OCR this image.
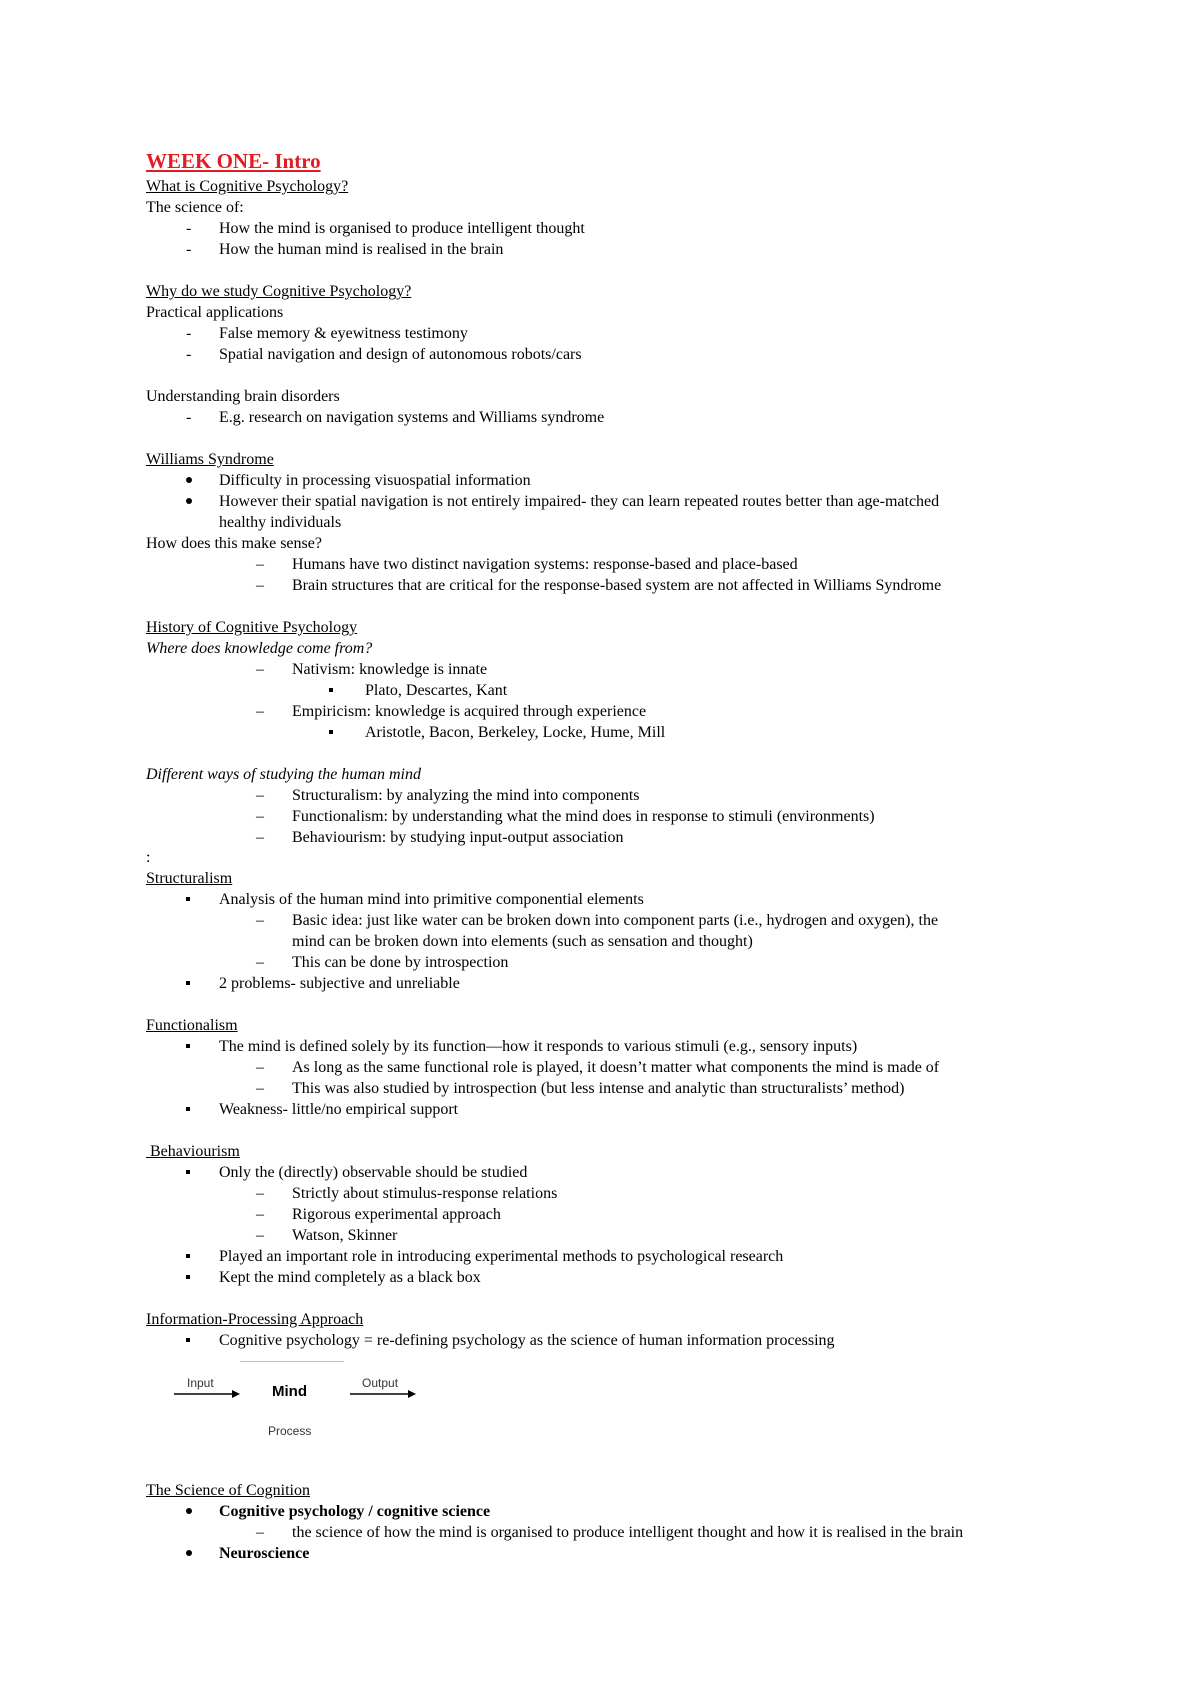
WEEK ONE- Intro
What is Cognitive Psychology?
The science of:
-	How the mind is organised to produce intelligent thought
-	How the human mind is realised in the brain
Why do we study Cognitive Psychology?
Practical applications
-	False memory & eyewitness testimony
-	Spatial navigation and design of autonomous robots/cars
Understanding brain disorders
-	E.g. research on navigation systems and Williams syndrome
Williams Syndrome
Difficulty in processing visuospatial information
However their spatial navigation is not entirely impaired- they can learn repeated routes better than age-matched
healthy individuals
How does this make sense?
–	Humans have two distinct navigation systems: response-based and place-based
–	Brain structures that are critical for the response-based system are not affected in Williams Syndrome
History of Cognitive Psychology
Where does knowledge come from?
–	Nativism: knowledge is innate
Plato, Descartes, Kant
–	Empiricism: knowledge is acquired through experience
Aristotle, Bacon, Berkeley, Locke, Hume, Mill
Different ways of studying the human mind
–	Structuralism: by analyzing the mind into components
–	Functionalism: by understanding what the mind does in response to stimuli (environments)
–	Behaviourism: by studying input-output association
:
Structuralism
Analysis of the human mind into primitive componential elements
–	Basic idea: just like water can be broken down into component parts (i.e., hydrogen and oxygen), the
mind can be broken down into elements (such as sensation and thought)
–	This can be done by introspection
2 problems- subjective and unreliable
Functionalism
The mind is defined solely by its function—how it responds to various stimuli (e.g., sensory inputs)
–	As long as the same functional role is played, it doesn’t matter what components the mind is made of
–	This was also studied by introspection (but less intense and analytic than structuralists’ method)
Weakness- little/no empirical support
Behaviourism
Only the (directly) observable should be studied
–	Strictly about stimulus-response relations
–	Rigorous experimental approach
–	Watson, Skinner
Played an important role in introducing experimental methods to psychological research
Kept the mind completely as a black box
Information-Processing Approach
Cognitive psychology = re-defining psychology as the science of human information processing
Input	Mind	Output
Process
The Science of Cognition
Cognitive psychology / cognitive science
–	the science of how the mind is organised to produce intelligent thought and how it is realised in the brain
Neuroscience
